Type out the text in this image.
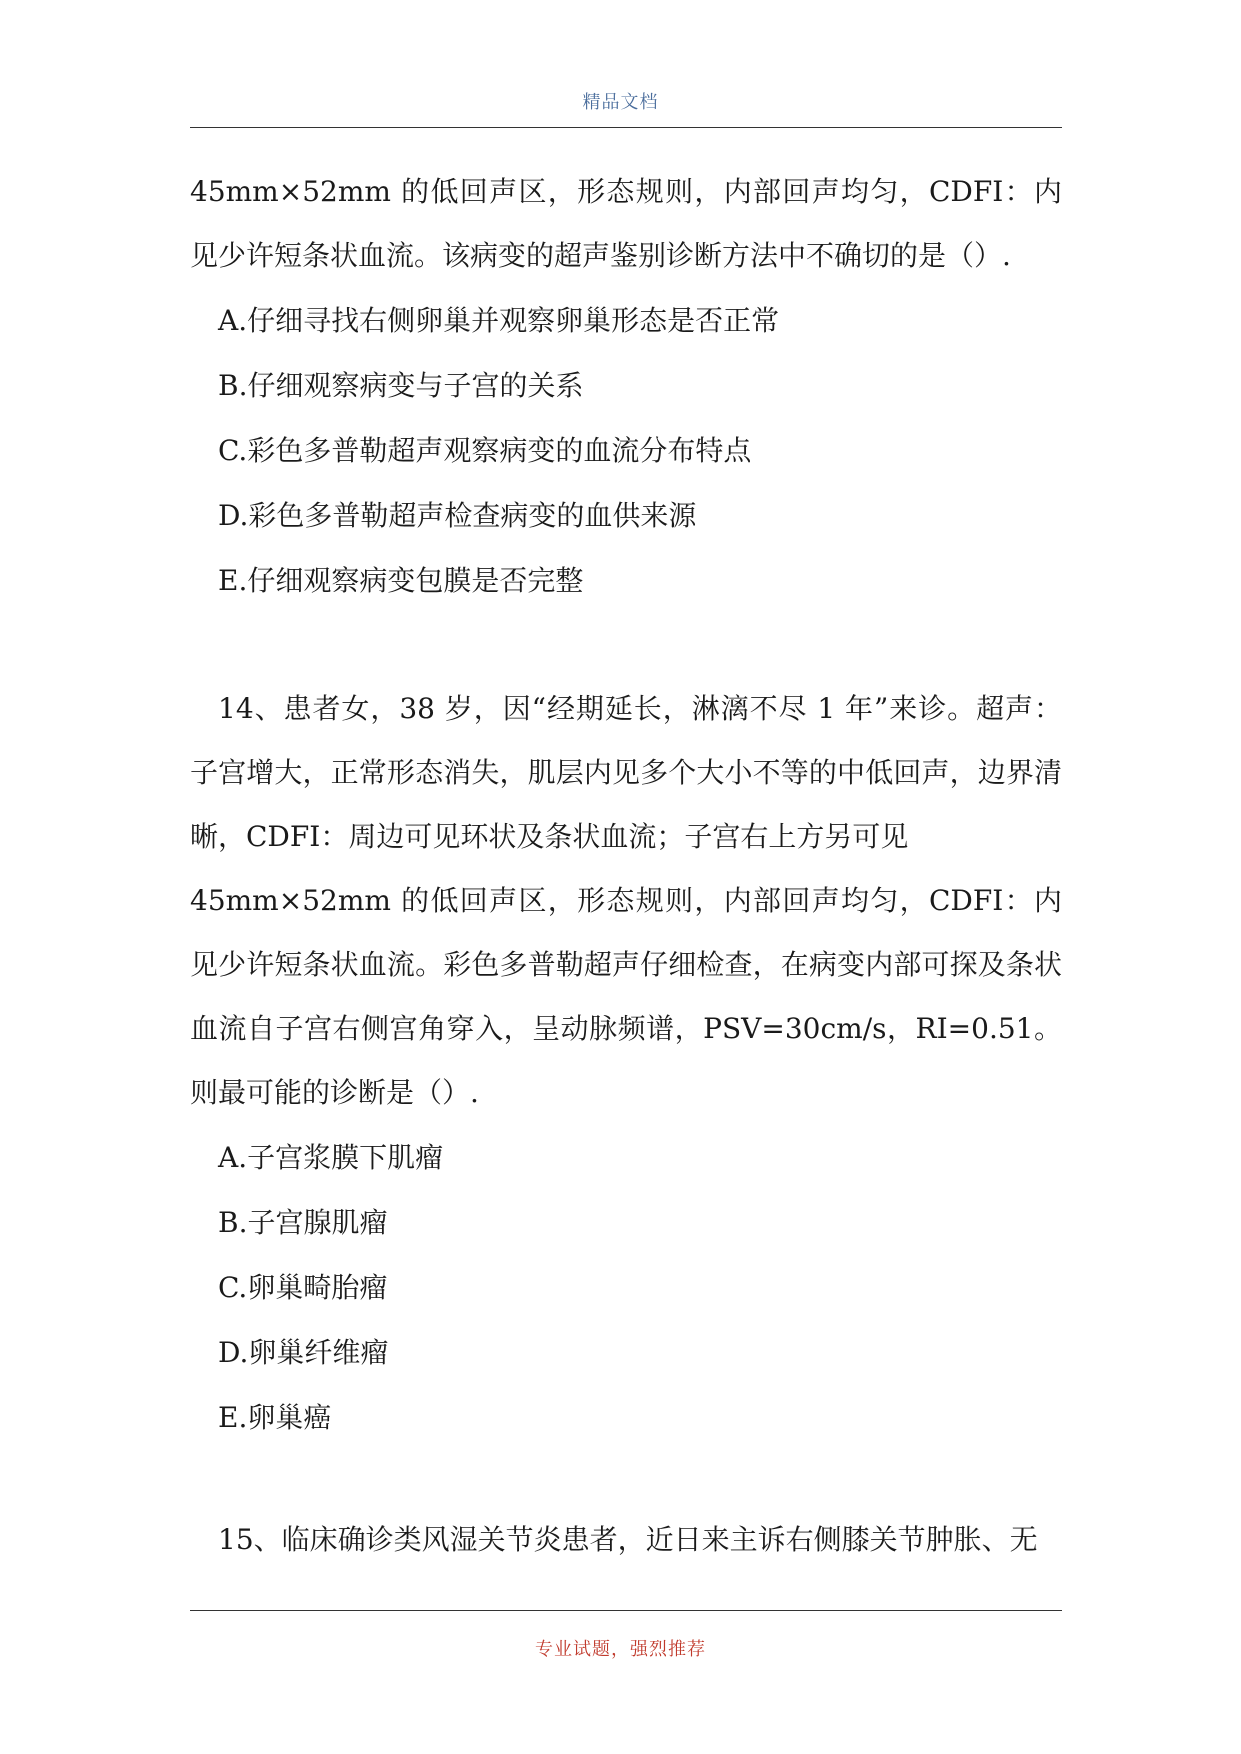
精品文档

45mm×52mm 的低回声区，形态规则，内部回声均匀，CDFI：内见少许短条状血流。该病变的超声鉴别诊断方法中不确切的是（）.

A.仔细寻找右侧卵巢并观察卵巢形态是否正常
B.仔细观察病变与子宫的关系
C.彩色多普勒超声观察病变的血流分布特点
D.彩色多普勒超声检查病变的血供来源
E.仔细观察病变包膜是否完整

14、患者女，38 岁，因“经期延长，淋漓不尽 1 年”来诊。超声：子宫增大，正常形态消失，肌层内见多个大小不等的中低回声，边界清晰，CDFI：周边可见环状及条状血流；子宫右上方另可见

45mm×52mm 的低回声区，形态规则，内部回声均匀，CDFI：内见少许短条状血流。彩色多普勒超声仔细检查，在病变内部可探及条状血流自子宫右侧宫角穿入，呈动脉频谱，PSV=30cm/s，RI=0.51。则最可能的诊断是（）.

A.子宫浆膜下肌瘤
B.子宫腺肌瘤
C.卵巢畸胎瘤
D.卵巢纤维瘤
E.卵巢癌

15、临床确诊类风湿关节炎患者，近日来主诉右侧膝关节肿胀、无

专业试题，强烈推荐
